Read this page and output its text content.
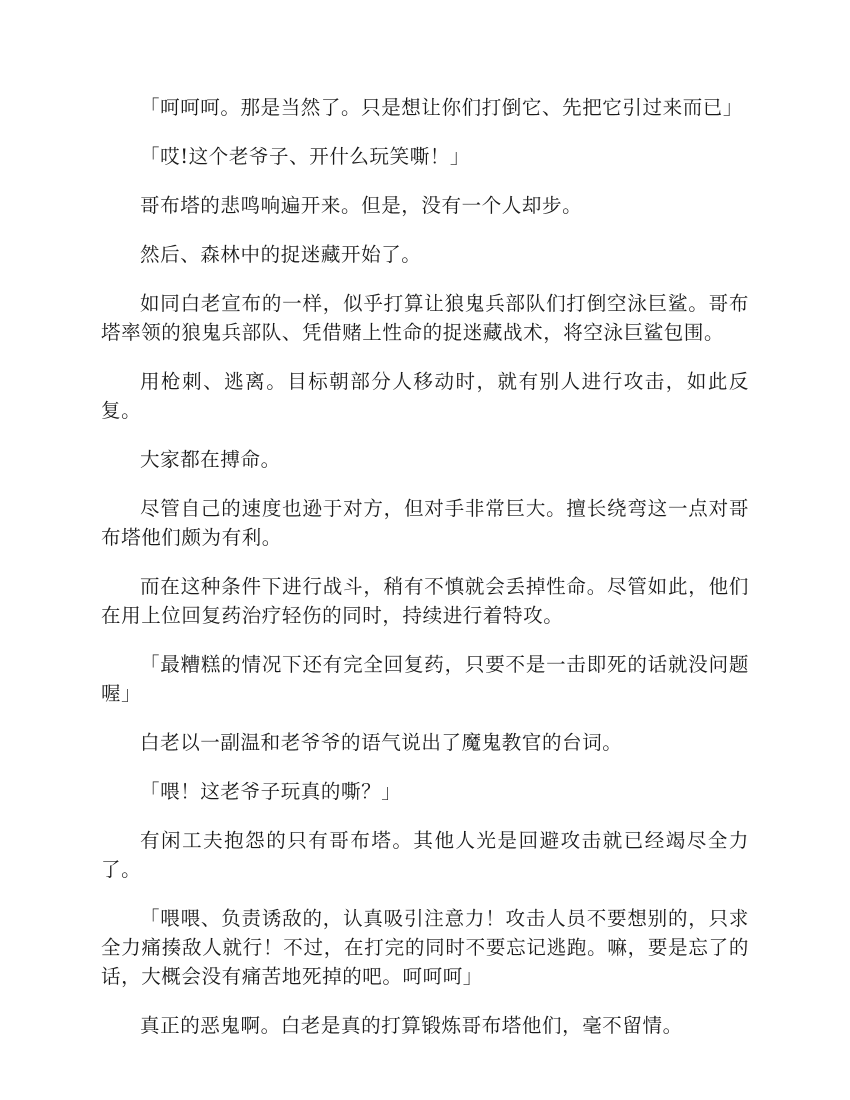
「呵呵呵。那是当然了。只是想让你们打倒它、先把它引过来而已」

「哎!这个老爷子、开什么玩笑嘶！」

哥布塔的悲鸣响遍开来。但是，没有一个人却步。

然后、森林中的捉迷藏开始了。

如同白老宣布的一样，似乎打算让狼鬼兵部队们打倒空泳巨鲨。哥布塔率领的狼鬼兵部队、凭借赌上性命的捉迷藏战术，将空泳巨鲨包围。

用枪刺、逃离。目标朝部分人移动时，就有别人进行攻击，如此反复。

大家都在搏命。

尽管自己的速度也逊于对方，但对手非常巨大。擅长绕弯这一点对哥布塔他们颇为有利。

而在这种条件下进行战斗，稍有不慎就会丢掉性命。尽管如此，他们在用上位回复药治疗轻伤的同时，持续进行着特攻。

「最糟糕的情况下还有完全回复药，只要不是一击即死的话就没问题喔」

白老以一副温和老爷爷的语气说出了魔鬼教官的台词。

「喂！这老爷子玩真的嘶？」

有闲工夫抱怨的只有哥布塔。其他人光是回避攻击就已经竭尽全力了。

「喂喂、负责诱敌的，认真吸引注意力！攻击人员不要想别的，只求全力痛揍敌人就行！不过，在打完的同时不要忘记逃跑。嘛，要是忘了的话，大概会没有痛苦地死掉的吧。呵呵呵」

真正的恶鬼啊。白老是真的打算锻炼哥布塔他们，毫不留情。
